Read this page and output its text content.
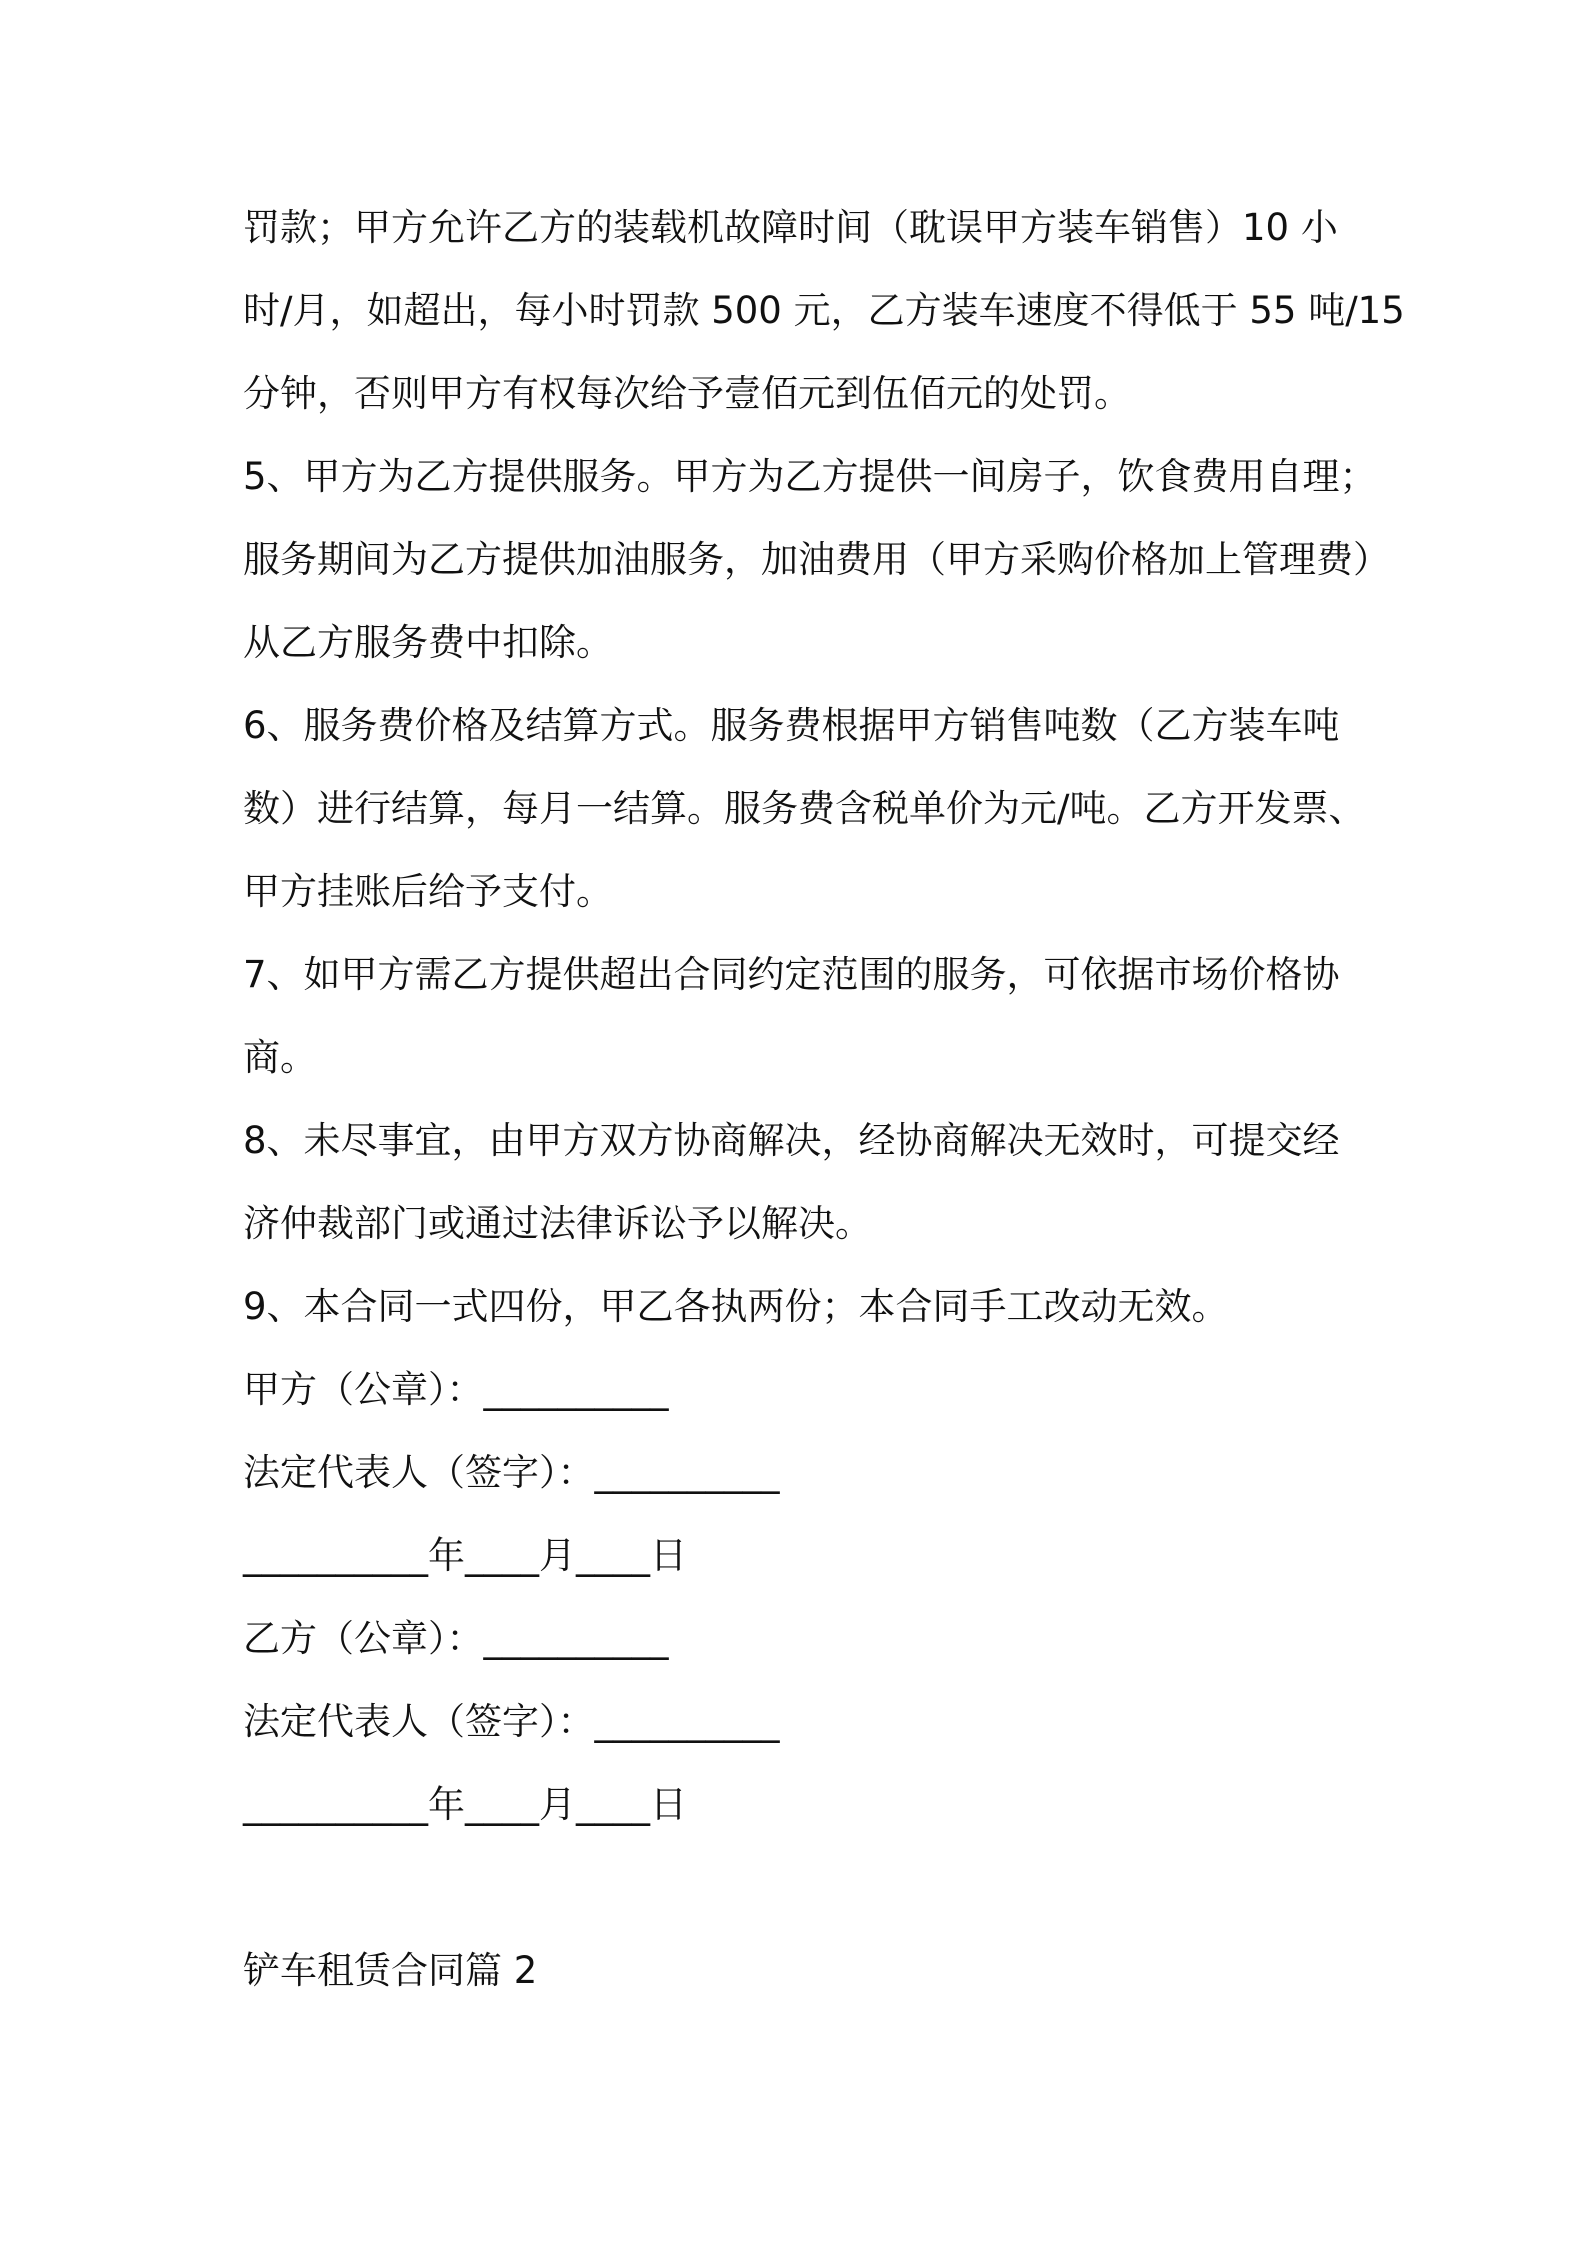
罚款；甲方允许乙方的装载机故障时间（耽误甲方装车销售）10 小
时/月，如超出，每小时罚款 500 元，乙方装车速度不得低于 55 吨/15
分钟，否则甲方有权每次给予壹佰元到伍佰元的处罚。
5、甲方为乙方提供服务。甲方为乙方提供一间房子，饮食费用自理；
服务期间为乙方提供加油服务，加油费用（甲方采购价格加上管理费）
从乙方服务费中扣除。
6、服务费价格及结算方式。服务费根据甲方销售吨数（乙方装车吨
数）进行结算，每月一结算。服务费含税单价为元/吨。乙方开发票、
甲方挂账后给予支付。
7、如甲方需乙方提供超出合同约定范围的服务，可依据市场价格协
商。
8、未尽事宜，由甲方双方协商解决，经协商解决无效时，可提交经
济仲裁部门或通过法律诉讼予以解决。
9、本合同一式四份，甲乙各执两份；本合同手工改动无效。
甲方（公章）：__________
法定代表人（签字）：__________
__________年____月____日
乙方（公章）：__________
法定代表人（签字）：__________
__________年____月____日
铲车租赁合同篇 2
